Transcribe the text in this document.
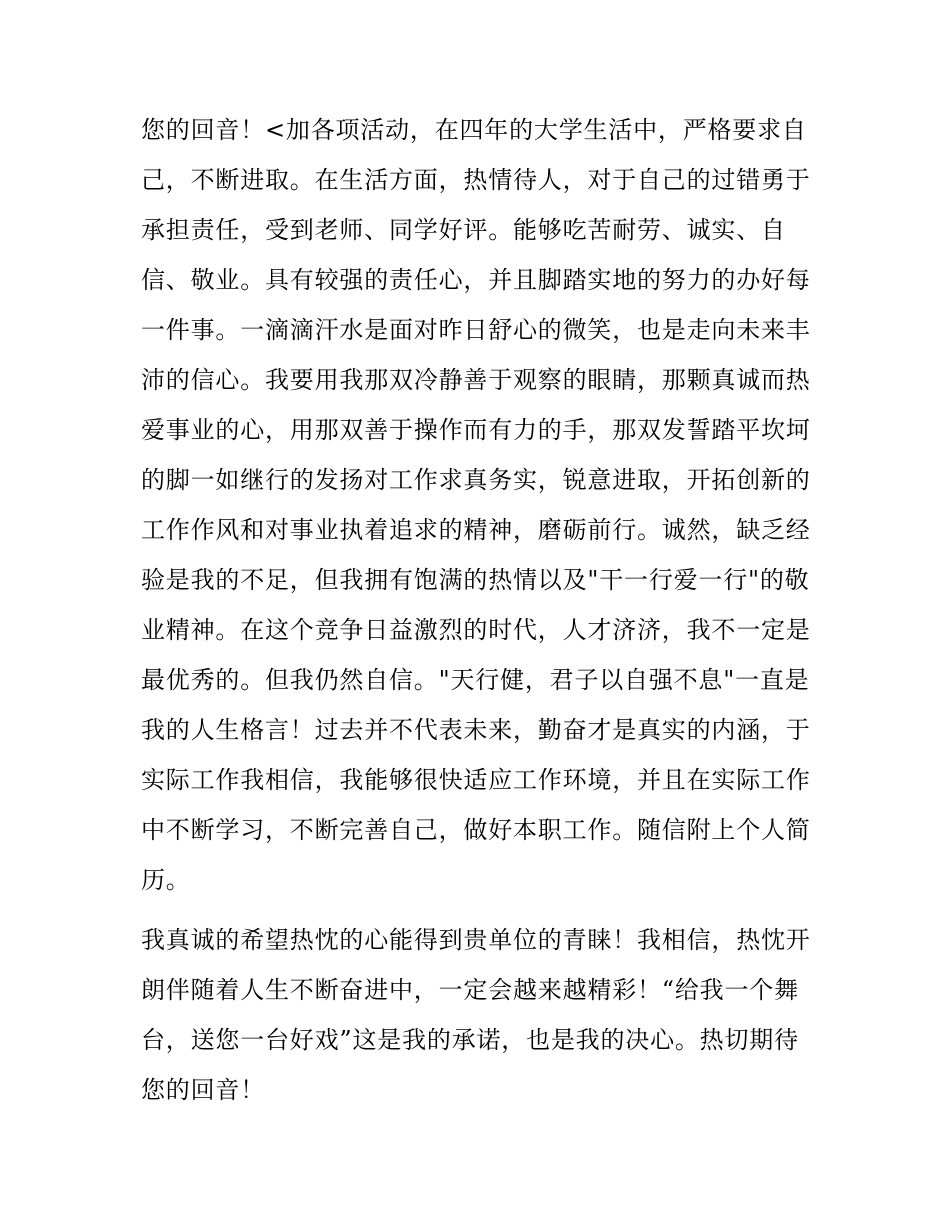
您的回音！<加各项活动，在四年的大学生活中，严格要求自
己，不断进取。在生活方面，热情待人，对于自己的过错勇于
承担责任，受到老师、同学好评。能够吃苦耐劳、诚实、自
信、敬业。具有较强的责任心，并且脚踏实地的努力的办好每
一件事。一滴滴汗水是面对昨日舒心的微笑，也是走向未来丰
沛的信心。我要用我那双冷静善于观察的眼睛，那颗真诚而热
爱事业的心，用那双善于操作而有力的手，那双发誓踏平坎坷
的脚一如继行的发扬对工作求真务实，锐意进取，开拓创新的
工作作风和对事业执着追求的精神，磨砺前行。诚然，缺乏经
验是我的不足，但我拥有饱满的热情以及"干一行爱一行"的敬
业精神。在这个竞争日益激烈的时代，人才济济，我不一定是
最优秀的。但我仍然自信。"天行健，君子以自强不息"一直是
我的人生格言！过去并不代表未来，勤奋才是真实的内涵，于
实际工作我相信，我能够很快适应工作环境，并且在实际工作
中不断学习，不断完善自己，做好本职工作。随信附上个人简
历。
我真诚的希望热忱的心能得到贵单位的青睐！我相信，热忱开
朗伴随着人生不断奋进中，一定会越来越精彩！“给我一个舞
台，送您一台好戏”这是我的承诺，也是我的决心。热切期待
您的回音！
